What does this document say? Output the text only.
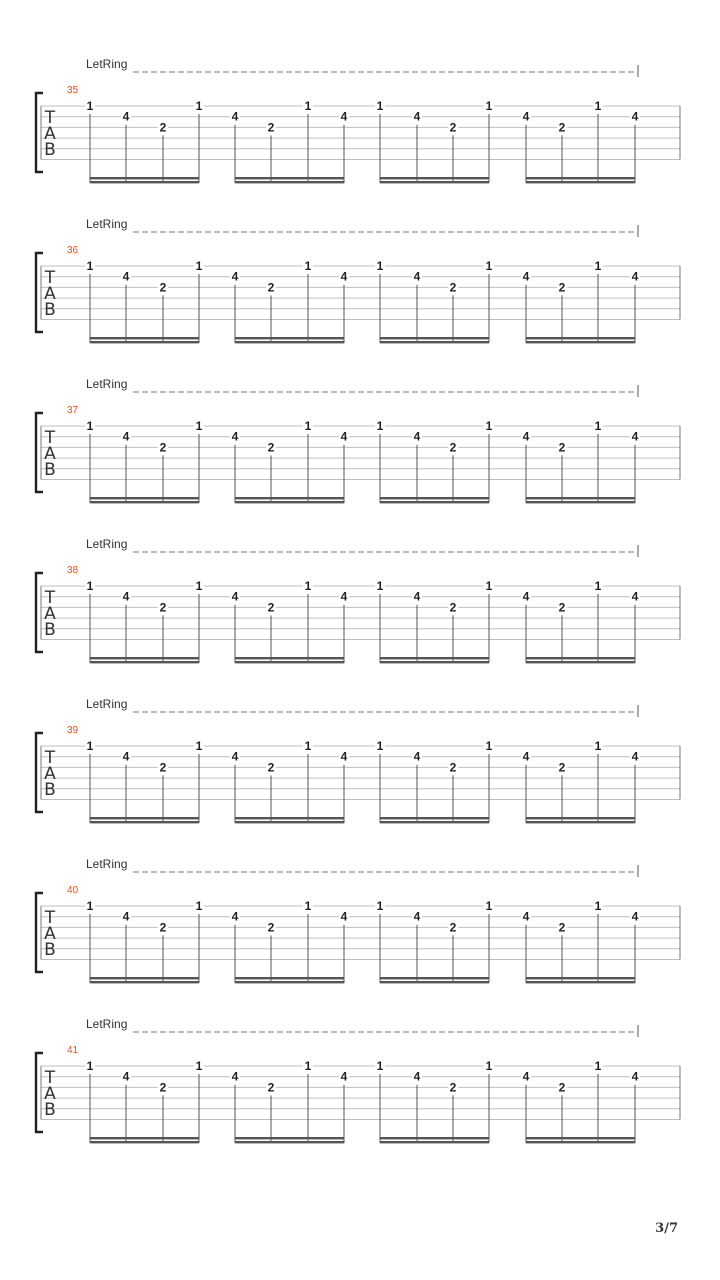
LetRing
35
T
A
B
1
4
2
1
4
2
1
4
1
4
2
1
4
2
1
4
LetRing
36
T
A
B
1
4
2
1
4
2
1
4
1
4
2
1
4
2
1
4
LetRing
37
T
A
B
1
4
2
1
4
2
1
4
1
4
2
1
4
2
1
4
LetRing
38
T
A
B
1
4
2
1
4
2
1
4
1
4
2
1
4
2
1
4
LetRing
39
T
A
B
1
4
2
1
4
2
1
4
1
4
2
1
4
2
1
4
LetRing
40
T
A
B
1
4
2
1
4
2
1
4
1
4
2
1
4
2
1
4
LetRing
41
T
A
B
1
4
2
1
4
2
1
4
1
4
2
1
4
2
1
4
3/7
